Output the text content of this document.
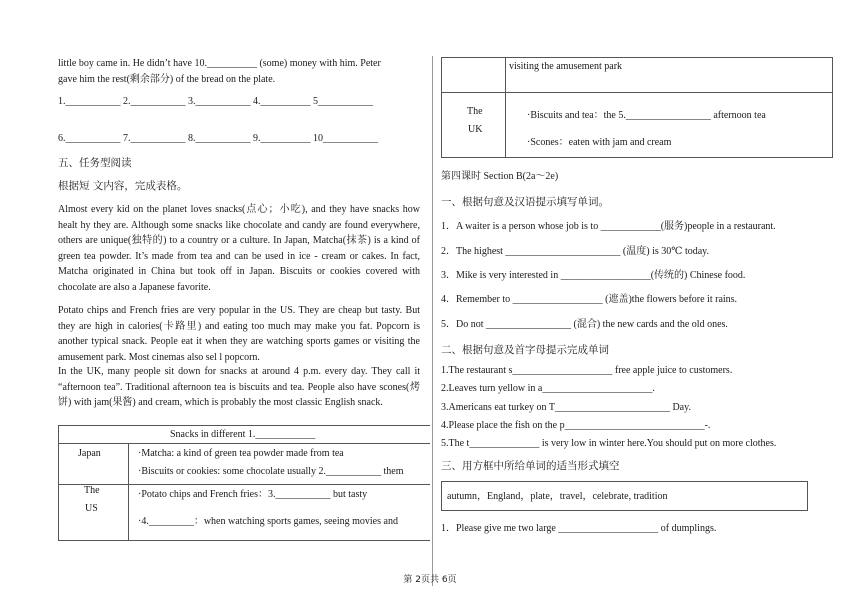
little boy came in. He didn’t have 10.__________ (some) money with him. Peter
gave him the rest(剩余部分) of the bread on the plate.
1.___________ 2.___________ 3.___________ 4.__________ 5___________
6.___________ 7.___________ 8.___________ 9.__________ 10___________
五、任务型阅读
根据短 文内容，完成表格。
Almost every kid on the planet loves snacks(点心；小吃), and they have snacks how healt hy they are. Although some snacks like chocolate and candy are found everywhere, others are unique(独特的) to a country or a culture. In Japan, Matcha(抹茶) is a kind of green tea powder. It’s made from tea and can be used in ice - cream or cakes. In fact, Matcha originated in China but took off in Japan. Biscuits or cookies covered with chocolate are also a Japanese favorite.
Potato chips and French fries are very popular in the US. They are cheap but tasty. But they are high in calories(卡路里) and eating too much may make you fat. Popcorn is another typical snack. People eat it when they are watching sports games or visiting the amusement park. Most cinemas also sel l popcorn.
In the UK, many people sit down for snacks at around 4 p.m. every day. They call it “afternoon tea”. Traditional afternoon tea is biscuits and tea. People also have scones(烤饼) with jam(果酱) and cream, which is probably the most classic English snack.
Snacks in different 1.____________
Japan	·Matcha: a kind of green tea powder made from tea
·Biscuits or cookies: some chocolate usually 2.___________ them
The
US
·Potato chips and French fries：3.___________ but tasty
·4._________：when watching sports games, seeing movies and
visiting the amusement park
The
UK
·Biscuits and tea：the 5._________________ afternoon tea
·Scones：eaten with jam and cream
第四课时 Section B(2a～2e)
一、根据句意及汉语提示填写单词。
1．A waiter is a person whose job is to ____________(服务)people in a restaurant.
2．The highest _______________________ (温度) is 30℃ today.
3．Mike is very interested in __________________(传统的) Chinese food.
4．Remember to __________________ (遮盖)the flowers before it rains.
5．Do not _________________ (混合) the new cards and the old ones.
二、根据句意及首字母提示完成单词
1.The restaurant s____________________ free apple juice to customers.
2.Leaves turn yellow in a______________________.
3.Americans eat turkey on T_______________________ Day.
4.Please place the fish on the p____________________________-.
5.The t______________ is very low in winter here.You should put on more clothes.
三、用方框中所给单词的适当形式填空
autumn，England，plate，travel，celebrate, tradition
1．Please give me two large ____________________ of dumplings.
第 2页共 6页
